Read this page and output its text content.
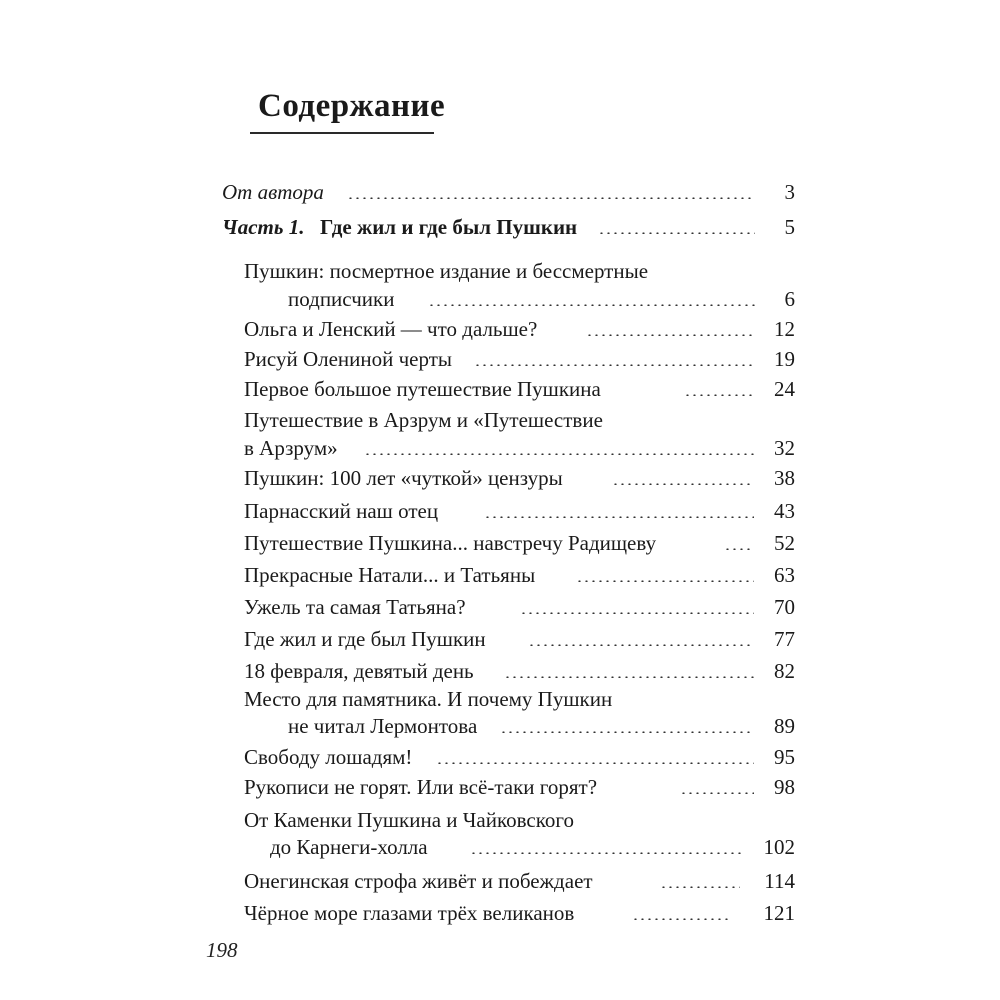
Содержание
От автора	3
Часть 1. Где жил и где был Пушкин	5
Пушкин: посмертное издание и бессмертные
подписчики	6
Ольга и Ленский — что дальше?	12
Рисуй Олениной черты	19
Первое большое путешествие Пушкина	24
Путешествие в Арзрум и «Путешествие
в Арзрум»	32
Пушкин: 100 лет «чуткой» цензуры	38
Парнасский наш отец	43
Путешествие Пушкина... навстречу Радищеву	52
Прекрасные Натали... и Татьяны	63
Ужель та самая Татьяна?	70
Где жил и где был Пушкин	77
18 февраля, девятый день	82
Место для памятника. И почему Пушкин
не читал Лермонтова	89
Свободу лошадям!	95
Рукописи не горят. Или всё-таки горят?	98
От Каменки Пушкина и Чайковского
до Карнеги-холла	102
Онегинская строфа живёт и побеждает	114
Чёрное море глазами трёх великанов	121
198
